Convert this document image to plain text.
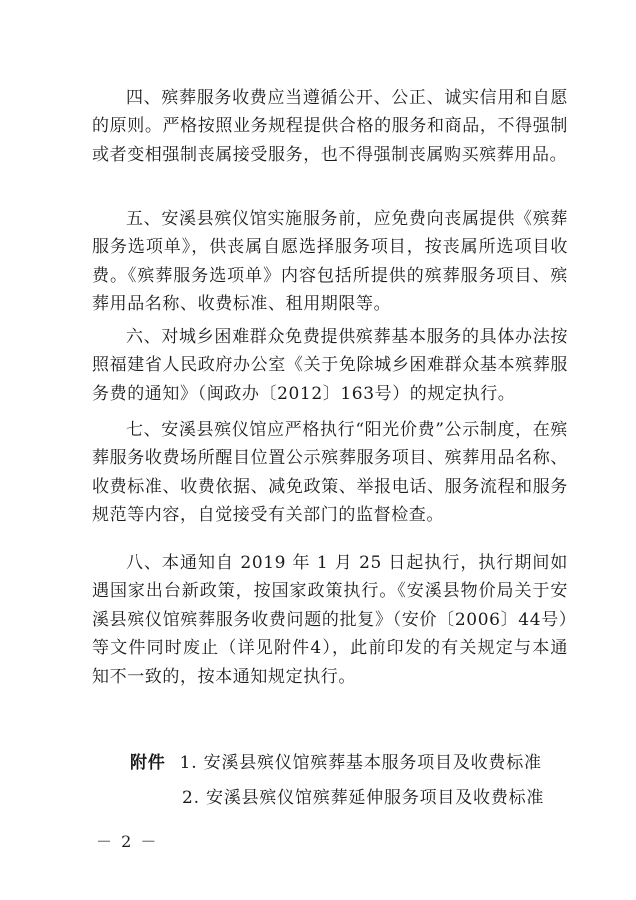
四、殡葬服务收费应当遵循公开、公正、诚实信用和自愿的原则。严格按照业务规程提供合格的服务和商品，不得强制或者变相强制丧属接受服务，也不得强制丧属购买殡葬用品。

五、安溪县殡仪馆实施服务前，应免费向丧属提供《殡葬服务选项单》，供丧属自愿选择服务项目，按丧属所选项目收费。《殡葬服务选项单》内容包括所提供的殡葬服务项目、殡葬用品名称、收费标准、租用期限等。

六、对城乡困难群众免费提供殡葬基本服务的具体办法按照福建省人民政府办公室《关于免除城乡困难群众基本殡葬服务费的通知》（闽政办〔2012〕163号）的规定执行。

七、安溪县殡仪馆应严格执行“阳光价费”公示制度，在殡葬服务收费场所醒目位置公示殡葬服务项目、殡葬用品名称、收费标准、收费依据、减免政策、举报电话、服务流程和服务规范等内容，自觉接受有关部门的监督检查。

八、本通知自 2019 年 1 月 25 日起执行，执行期间如遇国家出台新政策，按国家政策执行。《安溪县物价局关于安溪县殡仪馆殡葬服务收费问题的批复》（安价〔2006〕44号）等文件同时废止（详见附件4），此前印发的有关规定与本通知不一致的，按本通知规定执行。

附件 1. 安溪县殡仪馆殡葬基本服务项目及收费标准
2. 安溪县殡仪馆殡葬延伸服务项目及收费标准
－ 2 －
